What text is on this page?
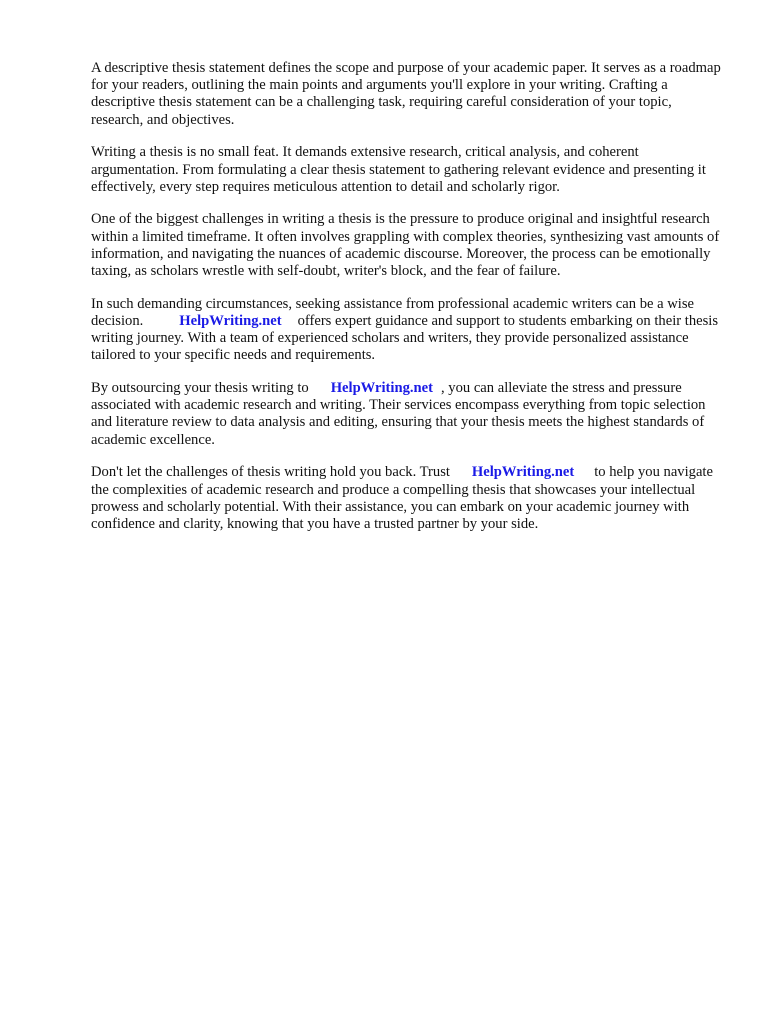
A descriptive thesis statement defines the scope and purpose of your academic paper. It serves as a roadmap for your readers, outlining the main points and arguments you'll explore in your writing. Crafting a descriptive thesis statement can be a challenging task, requiring careful consideration of your topic, research, and objectives.

Writing a thesis is no small feat. It demands extensive research, critical analysis, and coherent argumentation. From formulating a clear thesis statement to gathering relevant evidence and presenting it effectively, every step requires meticulous attention to detail and scholarly rigor.

One of the biggest challenges in writing a thesis is the pressure to produce original and insightful research within a limited timeframe. It often involves grappling with complex theories, synthesizing vast amounts of information, and navigating the nuances of academic discourse. Moreover, the process can be emotionally taxing, as scholars wrestle with self-doubt, writer's block, and the fear of failure.

In such demanding circumstances, seeking assistance from professional academic writers can be a wise decision. HelpWriting.net offers expert guidance and support to students embarking on their thesis writing journey. With a team of experienced scholars and writers, they provide personalized assistance tailored to your specific needs and requirements.

By outsourcing your thesis writing to HelpWriting.net , you can alleviate the stress and pressure associated with academic research and writing. Their services encompass everything from topic selection and literature review to data analysis and editing, ensuring that your thesis meets the highest standards of academic excellence.

Don't let the challenges of thesis writing hold you back. Trust HelpWriting.net to help you navigate the complexities of academic research and produce a compelling thesis that showcases your intellectual prowess and scholarly potential. With their assistance, you can embark on your academic journey with confidence and clarity, knowing that you have a trusted partner by your side.
